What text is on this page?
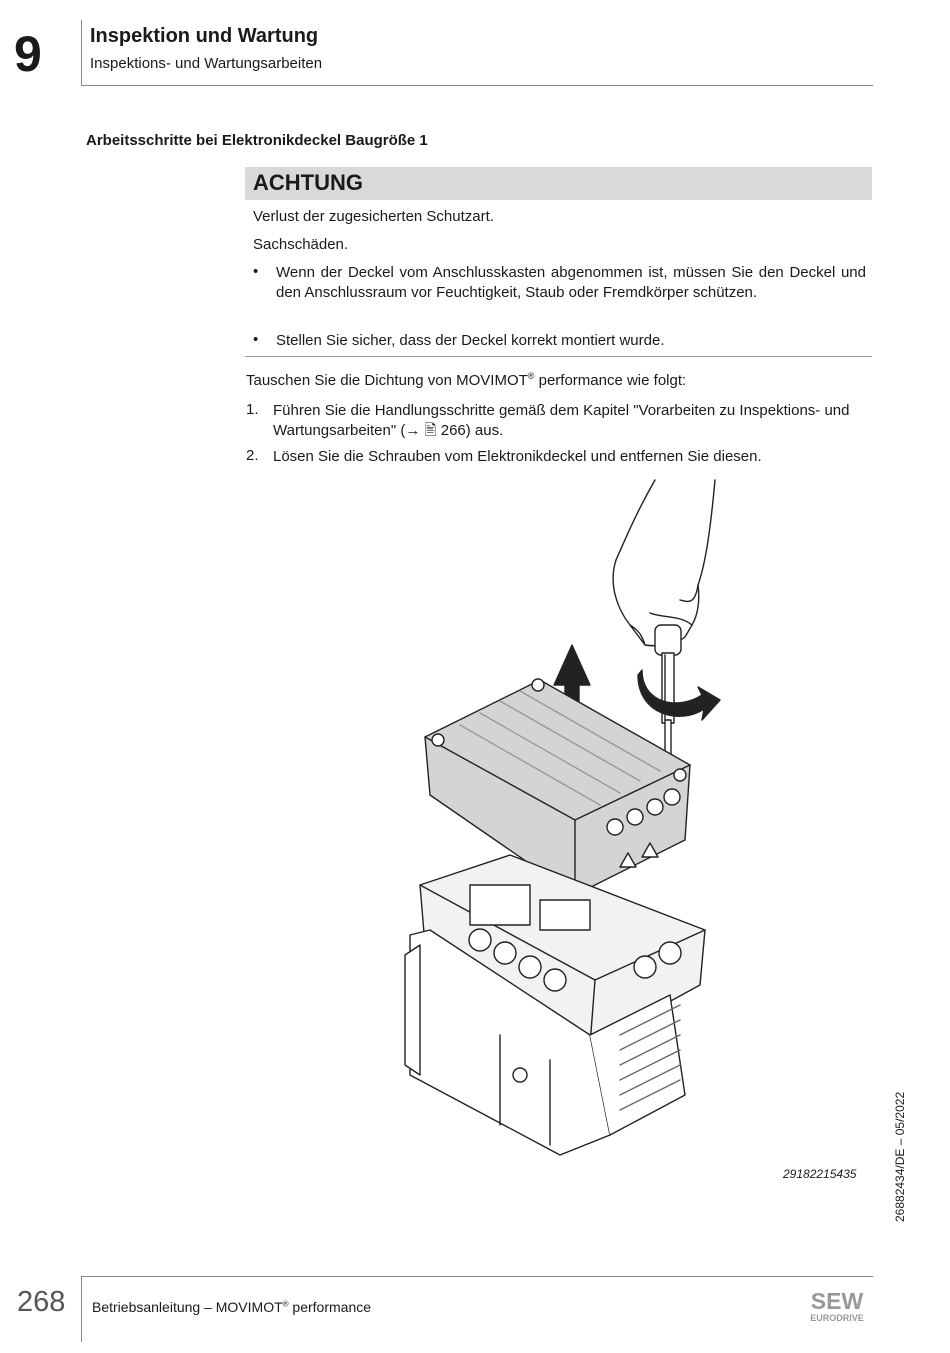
9 Inspektion und Wartung
Inspektions- und Wartungsarbeiten
Arbeitsschritte bei Elektronikdeckel Baugröße 1
ACHTUNG
Verlust der zugesicherten Schutzart.
Sachschäden.
• Wenn der Deckel vom Anschlusskasten abgenommen ist, müssen Sie den Deckel und den Anschlussraum vor Feuchtigkeit, Staub oder Fremdkörper schützen.
• Stellen Sie sicher, dass der Deckel korrekt montiert wurde.
Tauschen Sie die Dichtung von MOVIMOT® performance wie folgt:
1. Führen Sie die Handlungsschritte gemäß dem Kapitel "Vorarbeiten zu Inspektions- und Wartungsarbeiten" (→ 🖹 266) aus.
2. Lösen Sie die Schrauben vom Elektronikdeckel und entfernen Sie diesen.
29182215435	26882434/DE – 05/2022
268 Betriebsanleitung – MOVIMOT® performance	SEW
EURODRIVE
